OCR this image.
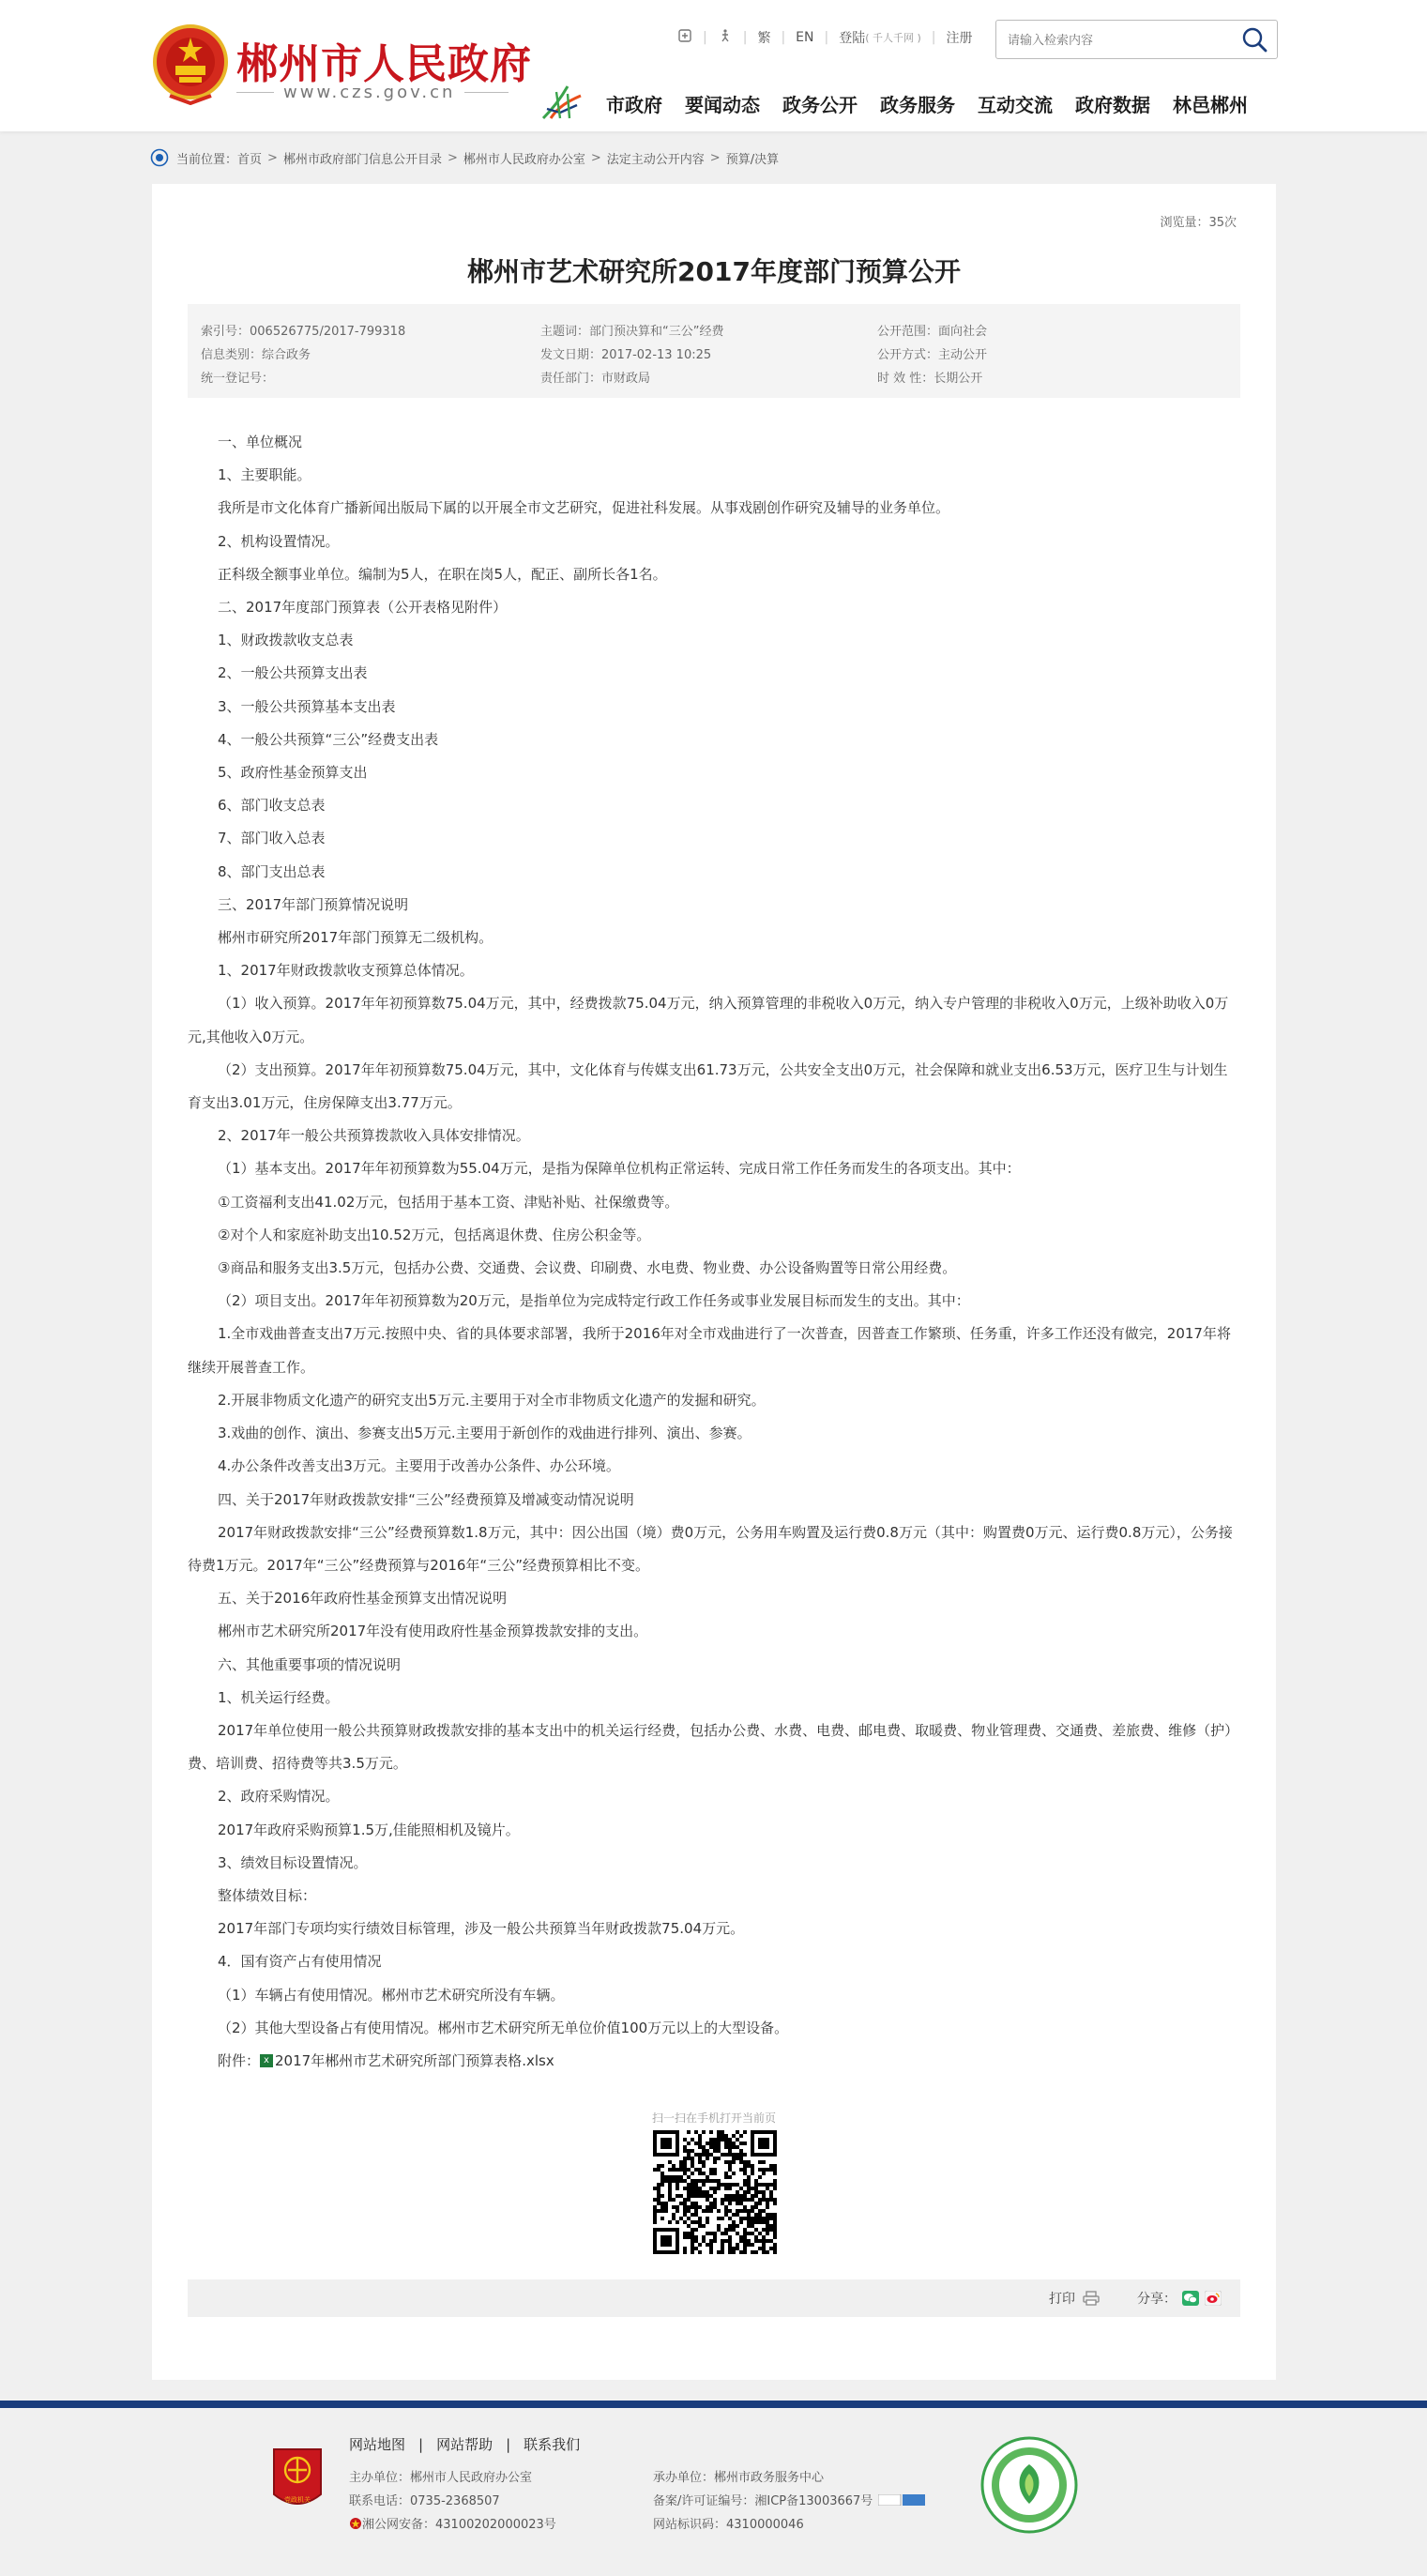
郴州市人民政府
www.czs.gov.cn
|	| 繁 | EN | 登陆 ( 千人千网 ) | 注册
请输入检索内容
市政府 要闻动态 政务公开 政务服务 互动交流 政府数据 林邑郴州
当前位置： 首页 > 郴州市政府部门信息公开目录 > 郴州市人民政府办公室 > 法定主动公开内容 > 预算/决算
浏览量：35次
郴州市艺术研究所2017年度部门预算公开
索引号：006526775/2017-799318
信息类别：综合政务
统一登记号：
主题词：部门预决算和“三公”经费
发文日期：2017-02-13 10:25
责任部门：市财政局
公开范围：面向社会
公开方式：主动公开
时 效 性：长期公开

一、单位概况

1、主要职能。

我所是市文化体育广播新闻出版局下属的以开展全市文艺研究，促进社科发展。从事戏剧创作研究及辅导的业务单位。

2、机构设置情况。

正科级全额事业单位。编制为5人，在职在岗5人，配正、副所长各1名。

二、2017年度部门预算表（公开表格见附件）

1、财政拨款收支总表

2、一般公共预算支出表

3、一般公共预算基本支出表

4、一般公共预算“三公”经费支出表

5、政府性基金预算支出

6、部门收支总表

7、部门收入总表

8、部门支出总表

三、2017年部门预算情况说明

郴州市研究所2017年部门预算无二级机构。

1、2017年财政拨款收支预算总体情况。

（1）收入预算。2017年年初预算数75.04万元，其中，经费拨款75.04万元，纳入预算管理的非税收入0万元，纳入专户管理的非税收入0万元，上级补助收入0万元,其他收入0万元。

（2）支出预算。2017年年初预算数75.04万元，其中，文化体育与传媒支出61.73万元，公共安全支出0万元，社会保障和就业支出6.53万元，医疗卫生与计划生育支出3.01万元，住房保障支出3.77万元。

2、2017年一般公共预算拨款收入具体安排情况。

（1）基本支出。2017年年初预算数为55.04万元，是指为保障单位机构正常运转、完成日常工作任务而发生的各项支出。其中：

①工资福利支出41.02万元，包括用于基本工资、津贴补贴、社保缴费等。

②对个人和家庭补助支出10.52万元，包括离退休费、住房公积金等。

③商品和服务支出3.5万元，包括办公费、交通费、会议费、印刷费、水电费、物业费、办公设备购置等日常公用经费。

（2）项目支出。2017年年初预算数为20万元，是指单位为完成特定行政工作任务或事业发展目标而发生的支出。其中：

1.全市戏曲普查支出7万元.按照中央、省的具体要求部署，我所于2016年对全市戏曲进行了一次普查，因普查工作繁琐、任务重，许多工作还没有做完，2017年将继续开展普查工作。

2.开展非物质文化遗产的研究支出5万元.主要用于对全市非物质文化遗产的发掘和研究。

3.戏曲的创作、演出、参赛支出5万元.主要用于新创作的戏曲进行排列、演出、参赛。

4.办公条件改善支出3万元。主要用于改善办公条件、办公环境。

四、关于2017年财政拨款安排“三公”经费预算及增减变动情况说明

2017年财政拨款安排“三公”经费预算数1.8万元，其中：因公出国（境）费0万元，公务用车购置及运行费0.8万元（其中：购置费0万元、运行费0.8万元），公务接待费1万元。2017年“三公”经费预算与2016年“三公”经费预算相比不变。

五、关于2016年政府性基金预算支出情况说明

郴州市艺术研究所2017年没有使用政府性基金预算拨款安排的支出。

六、其他重要事项的情况说明

1、机关运行经费。

2017年单位使用一般公共预算财政拨款安排的基本支出中的机关运行经费，包括办公费、水费、电费、邮电费、取暖费、物业管理费、交通费、差旅费、维修（护）费、培训费、招待费等共3.5万元。

2、政府采购情况。

2017年政府采购预算1.5万,佳能照相机及镜片。

3、绩效目标设置情况。

整体绩效目标：

2017年部门专项均实行绩效目标管理，涉及一般公共预算当年财政拨款75.04万元。

4．国有资产占有使用情况

（1）车辆占有使用情况。郴州市艺术研究所没有车辆。

（2）其他大型设备占有使用情况。郴州市艺术研究所无单位价值100万元以上的大型设备。

附件： x 2017年郴州市艺术研究所部门预算表格.xlsx

扫一扫在手机打开当前页
打印	分享：
党政机关
网站地图 | 网站帮助 | 联系我们
主办单位：郴州市人民政府办公室
联系电话：0735-2368507
湘公网安备：43100202000023号
承办单位：郴州市政务服务中心
备案/许可证编号：湘ICP备13003667号
网站标识码：4310000046
